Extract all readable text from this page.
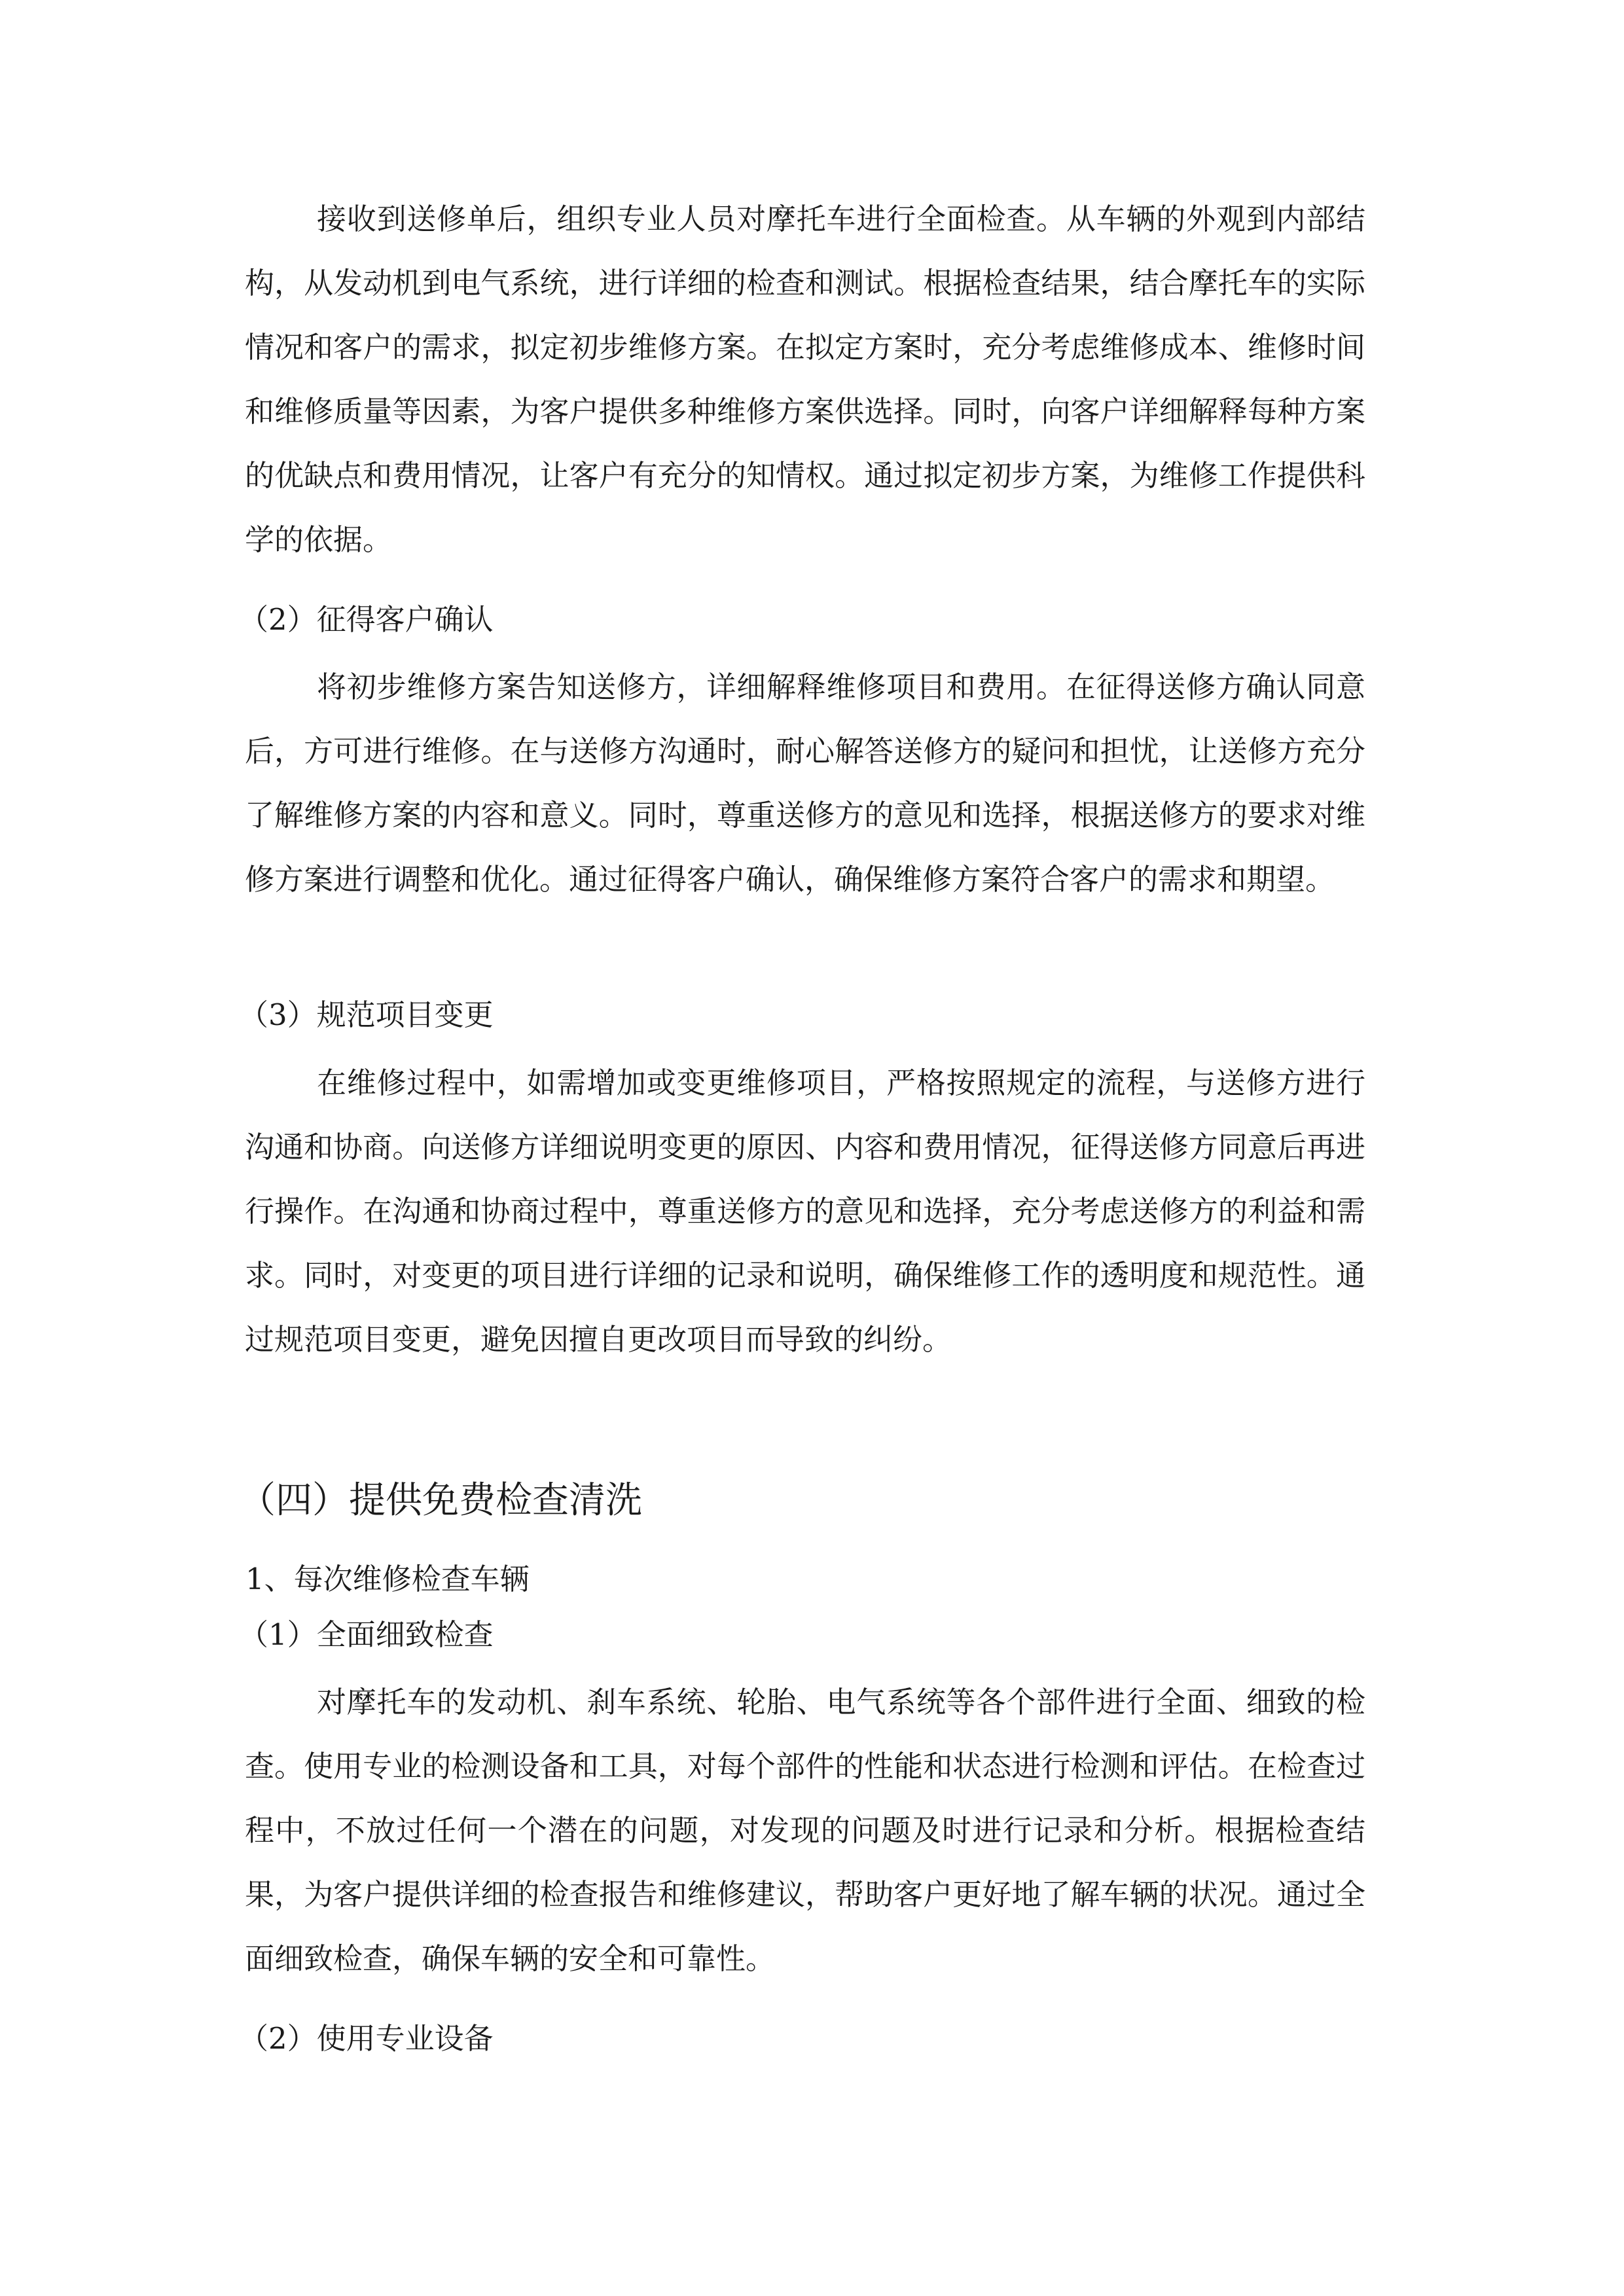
接收到送修单后，组织专业人员对摩托车进行全面检查。从车辆的外观到内部结构，从发动机到电气系统，进行详细的检查和测试。根据检查结果，结合摩托车的实际情况和客户的需求，拟定初步维修方案。在拟定方案时，充分考虑维修成本、维修时间和维修质量等因素，为客户提供多种维修方案供选择。同时，向客户详细解释每种方案的优缺点和费用情况，让客户有充分的知情权。通过拟定初步方案，为维修工作提供科学的依据。

（2）征得客户确认

将初步维修方案告知送修方，详细解释维修项目和费用。在征得送修方确认同意后，方可进行维修。在与送修方沟通时，耐心解答送修方的疑问和担忧，让送修方充分了解维修方案的内容和意义。同时，尊重送修方的意见和选择，根据送修方的要求对维修方案进行调整和优化。通过征得客户确认，确保维修方案符合客户的需求和期望。

（3）规范项目变更

在维修过程中，如需增加或变更维修项目，严格按照规定的流程，与送修方进行沟通和协商。向送修方详细说明变更的原因、内容和费用情况，征得送修方同意后再进行操作。在沟通和协商过程中，尊重送修方的意见和选择，充分考虑送修方的利益和需求。同时，对变更的项目进行详细的记录和说明，确保维修工作的透明度和规范性。通过规范项目变更，避免因擅自更改项目而导致的纠纷。

（四）提供免费检查清洗

1、每次维修检查车辆

（1）全面细致检查

对摩托车的发动机、刹车系统、轮胎、电气系统等各个部件进行全面、细致的检查。使用专业的检测设备和工具，对每个部件的性能和状态进行检测和评估。在检查过程中，不放过任何一个潜在的问题，对发现的问题及时进行记录和分析。根据检查结果，为客户提供详细的检查报告和维修建议，帮助客户更好地了解车辆的状况。通过全面细致检查，确保车辆的安全和可靠性。

（2）使用专业设备
